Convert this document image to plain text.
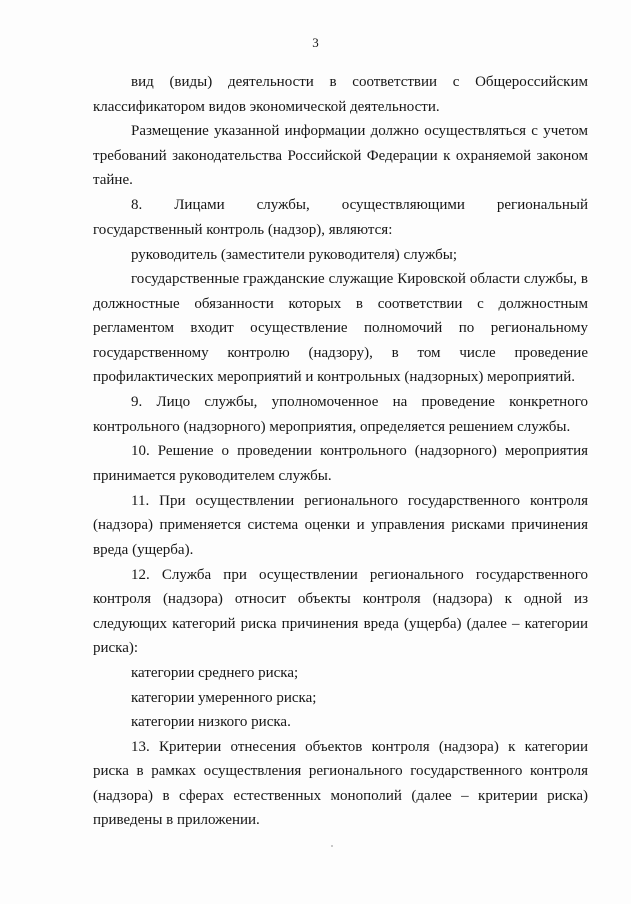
3

вид (виды) деятельности в соответствии с Общероссийским классификатором видов экономической деятельности.

Размещение указанной информации должно осуществляться с учетом требований законодательства Российской Федерации к охраняемой законом тайне.

8. Лицами службы, осуществляющими региональный государственный контроль (надзор), являются:

руководитель (заместители руководителя) службы;

государственные гражданские служащие Кировской области службы, в должностные обязанности которых в соответствии с должностным регламентом входит осуществление полномочий по региональному государственному контролю (надзору), в том числе проведение профилактических мероприятий и контрольных (надзорных) мероприятий.

9. Лицо службы, уполномоченное на проведение конкретного контрольного (надзорного) мероприятия, определяется решением службы.

10. Решение о проведении контрольного (надзорного) мероприятия принимается руководителем службы.

11. При осуществлении регионального государственного контроля (надзора) применяется система оценки и управления рисками причинения вреда (ущерба).

12. Служба при осуществлении регионального государственного контроля (надзора) относит объекты контроля (надзора) к одной из следующих категорий риска причинения вреда (ущерба) (далее – категории риска):

категории среднего риска;

категории умеренного риска;

категории низкого риска.

13. Критерии отнесения объектов контроля (надзора) к категории риска в рамках осуществления регионального государственного контроля (надзора) в сферах естественных монополий (далее – критерии риска) приведены в приложении.
